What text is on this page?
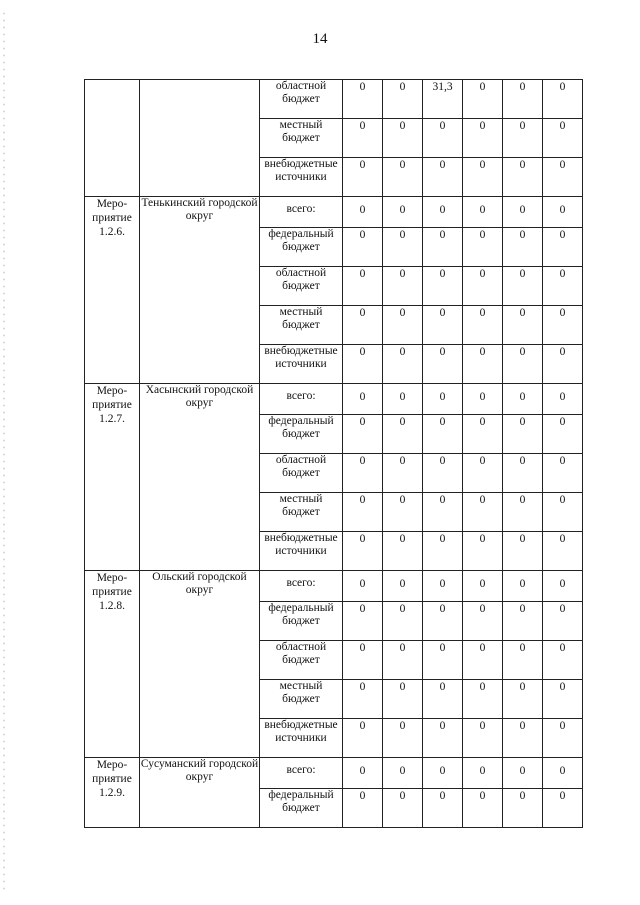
14
		областной бюджет	0	0	31,3	0	0	0
		местный бюджет	0	0	0	0	0	0
		внебюджетные источники	0	0	0	0	0	0
Меро-приятие 1.2.6.	Тенькинский городской округ	всего:	0	0	0	0	0	0
		федеральный бюджет	0	0	0	0	0	0
		областной бюджет	0	0	0	0	0	0
		местный бюджет	0	0	0	0	0	0
		внебюджетные источники	0	0	0	0	0	0
Меро-приятие 1.2.7.	Хасынский городской округ	всего:	0	0	0	0	0	0
		федеральный бюджет	0	0	0	0	0	0
		областной бюджет	0	0	0	0	0	0
		местный бюджет	0	0	0	0	0	0
		внебюджетные источники	0	0	0	0	0	0
Меро-приятие 1.2.8.	Ольский городской округ	всего:	0	0	0	0	0	0
		федеральный бюджет	0	0	0	0	0	0
		областной бюджет	0	0	0	0	0	0
		местный бюджет	0	0	0	0	0	0
		внебюджетные источники	0	0	0	0	0	0
Меро-приятие 1.2.9.	Сусуманский городской округ	всего:	0	0	0	0	0	0
		федеральный бюджет	0	0	0	0	0	0
